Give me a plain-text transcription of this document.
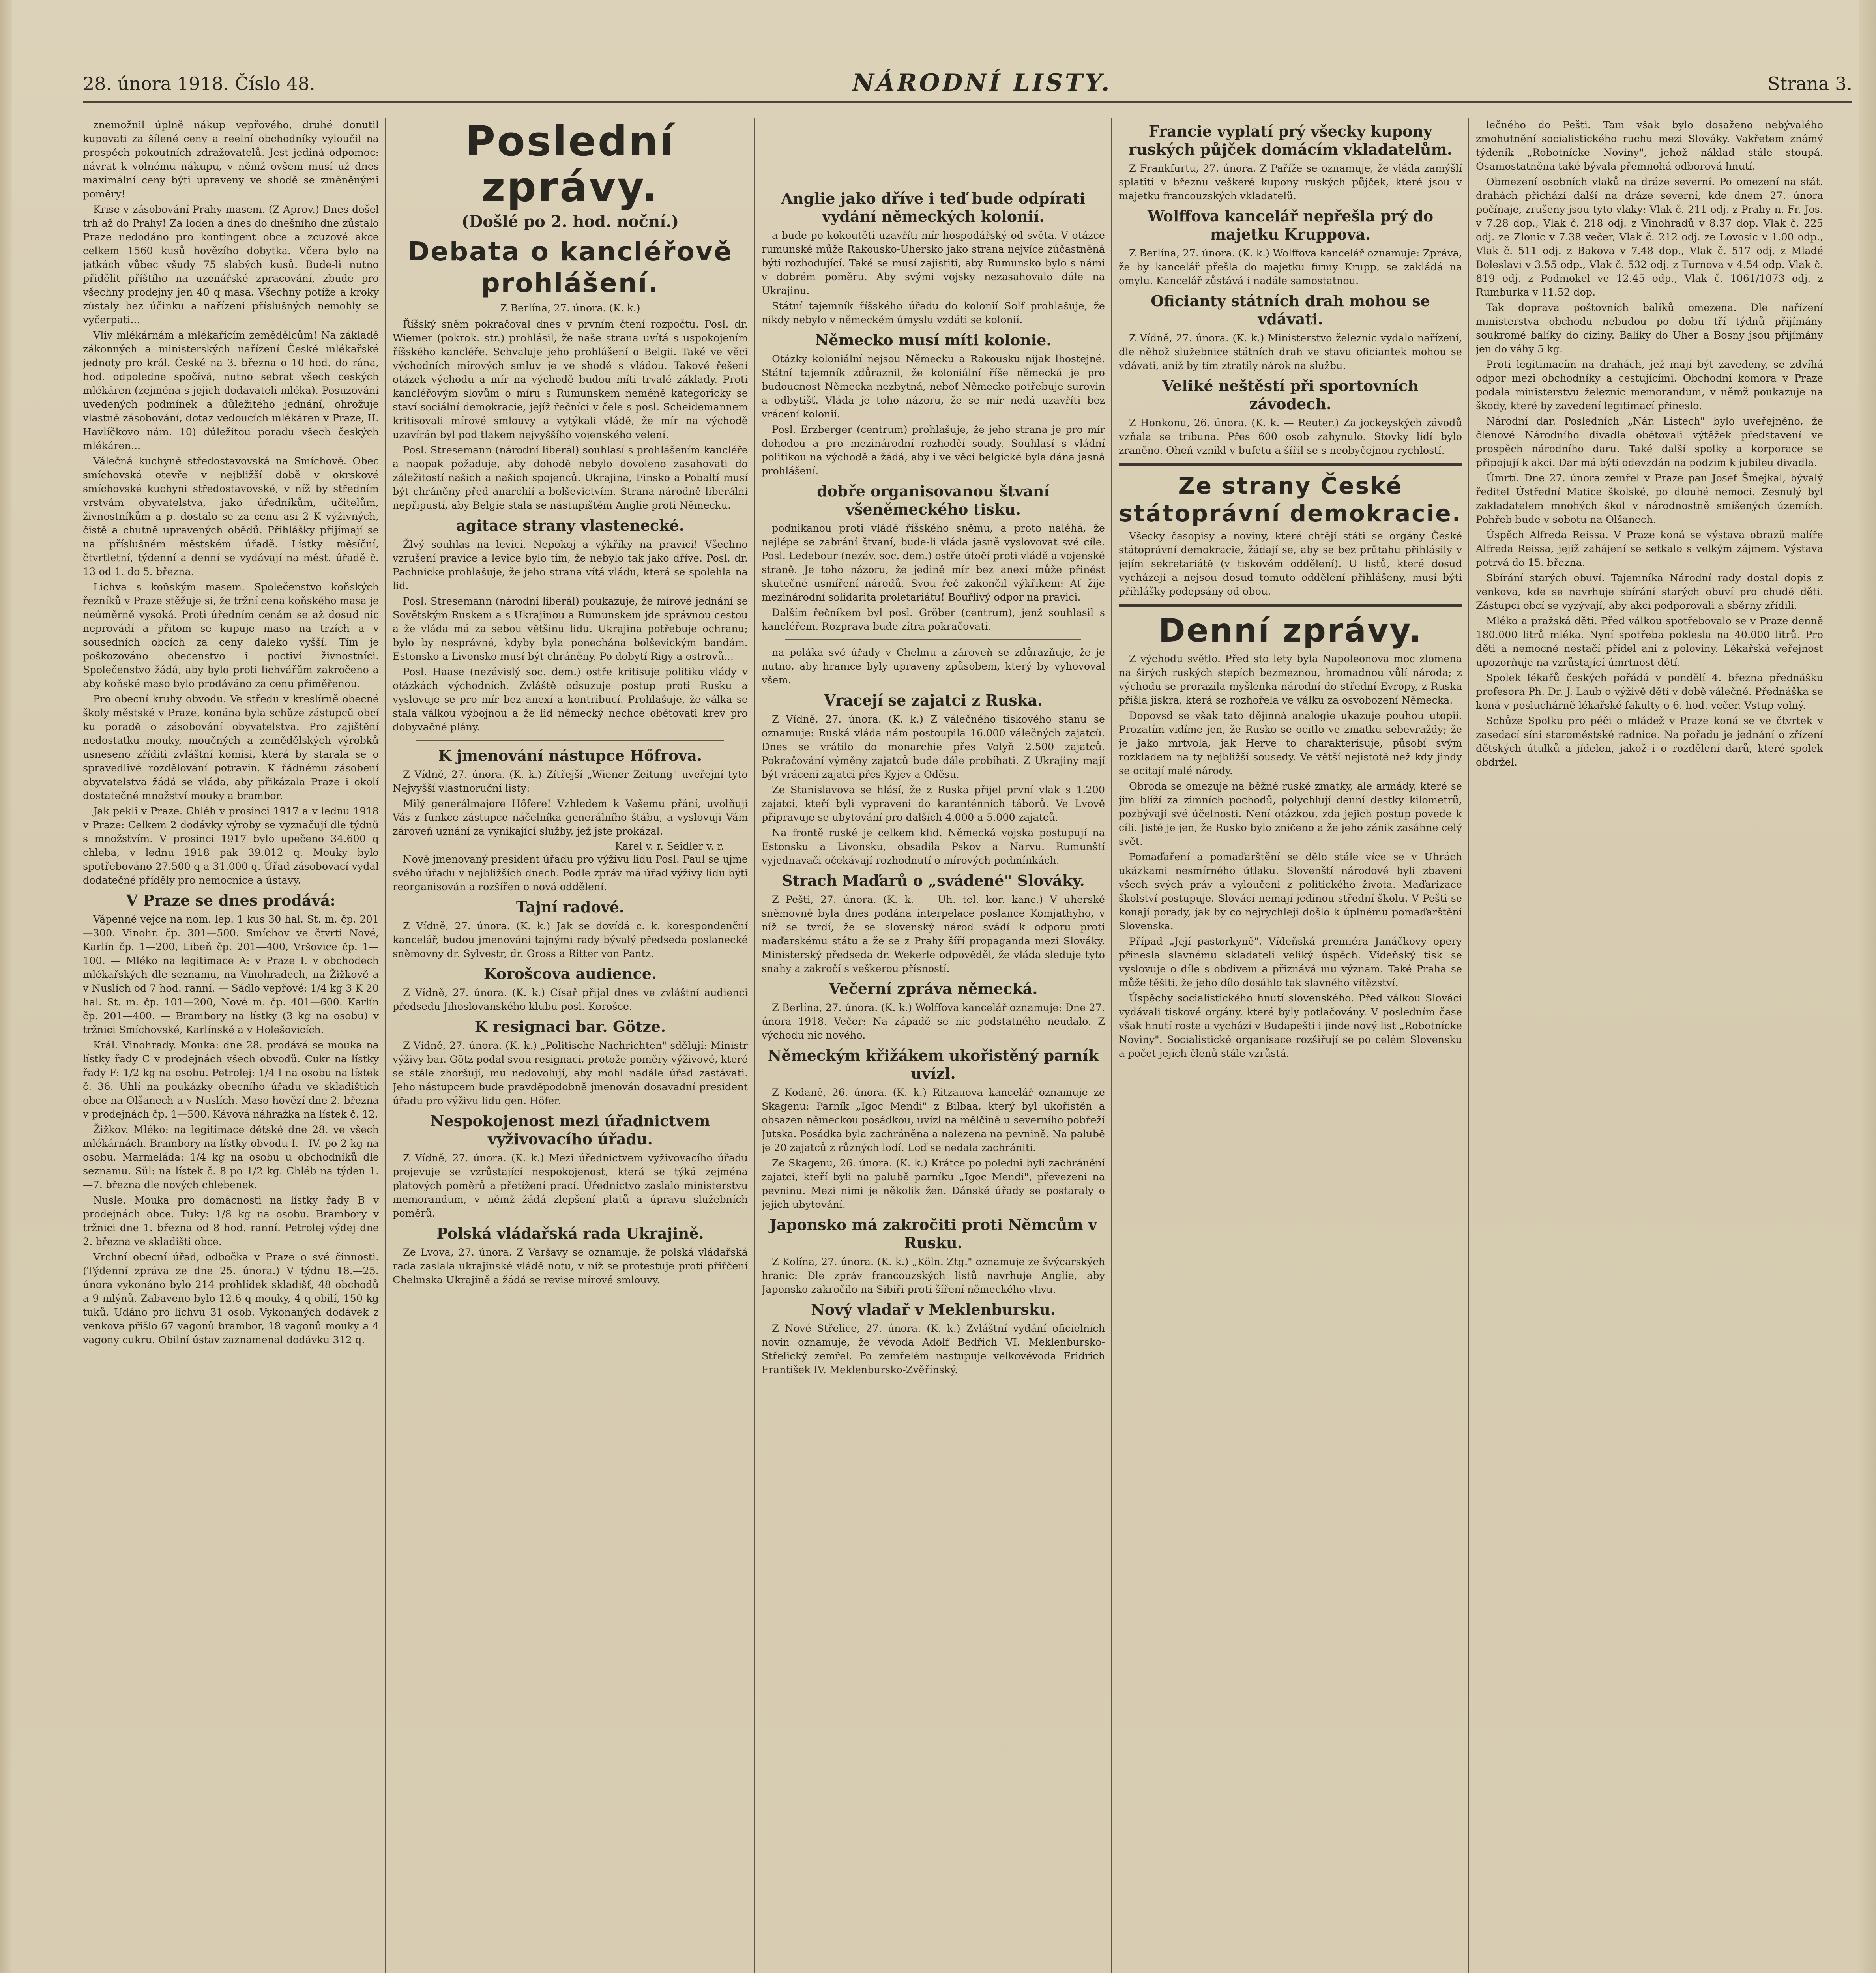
28. února 1918. Číslo 48.	NÁRODNÍ LISTY.	Strana 3.

znemožnil úplně nákup vepřového, druhé donutil kupovati za šílené ceny a reelní obchodníky vyloučil na prospěch pokoutních zdražovatelů. Jest jediná odpomoc: návrat k volnému nákupu, v němž ovšem musí už dnes maximální ceny býti upraveny ve shodě se změněnými poměry!

Krise v zásobování Prahy masem. (Z Aprov.) Dnes došel trh až do Prahy! Za loden a dnes do dnešního dne zůstalo Praze nedodáno pro kontingent obce a zcuzové akce celkem 1560 kusů hovězího dobytka. Včera bylo na jatkách vůbec všudy 75 slabých kusů. Bude-li nutno přidělit příštího na uzenářské zpracování, zbude pro všechny prodejny jen 40 q masa. Všechny potíže a kroky zůstaly bez účinku a nařízeni příslušných nemohly se vyčerpati...

Vliv mlékárnám a mlékařícím zemědělcům! Na základě zákonných a ministerských nařízení České mlékařské jednoty pro král. České na 3. března o 10 hod. do rána, hod. odpoledne spočívá, nutno sebrat všech ceských mlékáren (zejména s jejich dodavateli mléka). Posuzování uvedených podmínek a důležitého jednání, ohrožuje vlastně zásobování, dotaz vedoucích mlékáren v Praze, II. Havlíčkovo nám. 10) důležitou poradu všech českých mlékáren...

Válečná kuchyně středostavovská na Smíchově. Obec smíchovská otevře v nejbližší době v okrskové smíchovské kuchyni středostavovské, v níž by středním vrstvám obyvatelstva, jako úředníkům, učitelům, živnostníkům a p. dostalo se za cenu asi 2 K výživných, čistě a chutně upravených obědů. Přihlášky přijímají se na příslušném městském úřadě. Lístky měsíční, čtvrtletní, týdenní a denní se vydávají na měst. úřadě č. 13 od 1. do 5. března.

Lichva s koňským masem. Společenstvo koňských řezníků v Praze stěžuje si, že tržní cena koňského masa je neúměrně vysoká. Proti úředním cenám se až dosud nic neprovádí a přitom se kupuje maso na trzích a v sousedních obcích za ceny daleko vyšší. Tím je poškozováno obecenstvo i poctiví živnostníci. Společenstvo žádá, aby bylo proti lichvářům zakročeno a aby koňské maso bylo prodáváno za cenu přiměřenou.

Pro obecní kruhy obvodu. Ve středu v kreslírně obecné školy městské v Praze, konána byla schůze zástupců obcí ku poradě o zásobování obyvatelstva. Pro zajištění nedostatku mouky, moučných a zemědělských výrobků usneseno zříditi zvláštní komisi, která by starala se o spravedlivé rozdělování potravin. K řádnému zásobení obyvatelstva žádá se vláda, aby přikázala Praze i okolí dostatečné množství mouky a brambor.

Jak pekli v Praze. Chléb v prosinci 1917 a v lednu 1918 v Praze: Celkem 2 dodávky výroby se vyznačují dle týdnů s množstvím. V prosinci 1917 bylo upečeno 34.600 q chleba, v lednu 1918 pak 39.012 q. Mouky bylo spotřebováno 27.500 q a 31.000 q. Úřad zásobovací vydal dodatečné příděly pro nemocnice a ústavy.

V Praze se dnes prodává:

Vápenné vejce na nom. lep. 1 kus 30 hal. St. m. čp. 201—300. Vinohr. čp. 301—500. Smíchov ve čtvrti Nové, Karlín čp. 1—200, Libeň čp. 201—400, Vršovice čp. 1—100. — Mléko na legitimace A: v Praze I. v obchodech mlékařských dle seznamu, na Vinohradech, na Žižkově a v Nuslích od 7 hod. ranní. — Sádlo vepřové: 1/4 kg 3 K 20 hal. St. m. čp. 101—200, Nové m. čp. 401—600. Karlín čp. 201—400. — Brambory na lístky (3 kg na osobu) v tržnici Smíchovské, Karlínské a v Holešovicích.

Král. Vinohrady. Mouka: dne 28. prodává se mouka na lístky řady C v prodejnách všech obvodů. Cukr na lístky řady F: 1/2 kg na osobu. Petrolej: 1/4 l na osobu na lístek č. 36. Uhlí na poukázky obecního úřadu ve skladištích obce na Olšanech a v Nuslích. Maso hovězí dne 2. března v prodejnách čp. 1—500. Kávová náhražka na lístek č. 12.

Žižkov. Mléko: na legitimace dětské dne 28. ve všech mlékárnách. Brambory na lístky obvodu I.—IV. po 2 kg na osobu. Marmeláda: 1/4 kg na osobu u obchodníků dle seznamu. Sůl: na lístek č. 8 po 1/2 kg. Chléb na týden 1.—7. března dle nových chlebenek.

Nusle. Mouka pro domácnosti na lístky řady B v prodejnách obce. Tuky: 1/8 kg na osobu. Brambory v tržnici dne 1. března od 8 hod. ranní. Petrolej výdej dne 2. března ve skladišti obce.

Vrchní obecní úřad, odbočka v Praze o své činnosti. (Týdenní zpráva ze dne 25. února.) V týdnu 18.—25. února vykonáno bylo 214 prohlídek skladišť, 48 obchodů a 9 mlýnů. Zabaveno bylo 12.6 q mouky, 4 q obilí, 150 kg tuků. Udáno pro lichvu 31 osob. Vykonaných dodávek z venkova přišlo 67 vagonů brambor, 18 vagonů mouky a 4 vagony cukru. Obilní ústav zaznamenal dodávku 312 q.

Poslední zprávy.
(Došlé po 2. hod. noční.)
Debata o kancléřově prohlášení.
Z Berlína, 27. února. (K. k.)

Říšský sněm pokračoval dnes v prvním čtení rozpočtu. Posl. dr. Wiemer (pokrok. str.) prohlásil, že naše strana uvítá s uspokojením říšského kancléře. Schvaluje jeho prohlášení o Belgii. Také ve věci východních mírových smluv je ve shodě s vládou. Takové řešení otázek východu a mír na východě budou míti trvalé základy. Proti kancléřovým slovům o míru s Rumunskem neméně kategoricky se staví sociální demokracie, jejíž řečníci v čele s posl. Scheidemannem kritisovali mírové smlouvy a vytýkali vládě, že mír na východě uzavírán byl pod tlakem nejvyššího vojenského velení.

Posl. Stresemann (národní liberál) souhlasí s prohlášením kancléře a naopak požaduje, aby dohodě nebylo dovoleno zasahovati do záležitostí našich a našich spojenců. Ukrajina, Finsko a Pobaltí musí být chráněny před anarchií a bolševictvím. Strana národně liberální nepřipustí, aby Belgie stala se nástupištěm Anglie proti Německu.

agitace strany vlastenecké.

Žlvý souhlas na levici. Nepokoj a výkřiky na pravici! Všechno vzrušení pravice a levice bylo tím, že nebylo tak jako dříve. Posl. dr. Pachnicke prohlašuje, že jeho strana vítá vládu, která se spolehla na lid.

Posl. Stresemann (národní liberál) poukazuje, že mírové jednání se Sovětským Ruskem a s Ukrajinou a Rumunskem jde správnou cestou a že vláda má za sebou většinu lidu. Ukrajina potřebuje ochranu; bylo by nesprávné, kdyby byla ponechána bolševickým bandám. Estonsko a Livonsko musí být chráněny. Po dobytí Rigy a ostrovů...

Posl. Haase (nezávislý soc. dem.) ostře kritisuje politiku vlády v otázkách východních. Zvláště odsuzuje postup proti Rusku a vyslovuje se pro mír bez anexí a kontribucí. Prohlašuje, že válka se stala válkou výbojnou a že lid německý nechce obětovati krev pro dobyvačné plány.

K jmenování nástupce Hőfrova.

Z Vídně, 27. února. (K. k.) Zítřejší „Wiener Zeitung" uveřejní tyto Nejvyšší vlastnoruční listy:

Milý generálmajore Hőfere! Vzhledem k Vašemu přání, uvolňuji Vás z funkce zástupce náčelníka generálního štábu, a vyslovuji Vám zároveň uznání za vynikající služby, jež jste prokázal.

Karel v. r. Seidler v. r.

Nově jmenovaný president úřadu pro výživu lidu Posl. Paul se ujme svého úřadu v nejbližších dnech. Podle zpráv má úřad výživy lidu býti reorganisován a rozšířen o nová oddělení.

Tajní radové.

Z Vídně, 27. února. (K. k.) Jak se dovídá c. k. korespondenční kancelář, budou jmenováni tajnými rady bývalý předseda poslanecké sněmovny dr. Sylvestr, dr. Gross a Ritter von Pantz.

Korošcova audience.

Z Vídně, 27. února. (K. k.) Císař přijal dnes ve zvláštní audienci předsedu Jihoslovanského klubu posl. Korošce.

K resignaci bar. Götze.

Z Vídně, 27. února. (K. k.) „Politische Nachrichten" sdělují: Ministr výživy bar. Götz podal svou resignaci, protože poměry výživové, které se stále zhoršují, mu nedovolují, aby mohl nadále úřad zastávati. Jeho nástupcem bude pravděpodobně jmenován dosavadní president úřadu pro výživu lidu gen. Höfer.

Nespokojenost mezi úřadnictvem vyživovacího úřadu.

Z Vídně, 27. února. (K. k.) Mezi úřednictvem vyživovacího úřadu projevuje se vzrůstající nespokojenost, která se týká zejména platových poměrů a přetížení prací. Úřednictvo zaslalo ministerstvu memorandum, v němž žádá zlepšení platů a úpravu služebních poměrů.

Polská vládařská rada Ukrajině.

Ze Lvova, 27. února. Z Varšavy se oznamuje, že polská vládařská rada zaslala ukrajinské vládě notu, v níž se protestuje proti přiřčení Chelmska Ukrajině a žádá se revise mírové smlouvy.

Anglie jako dříve i teď bude odpírati vydání německých kolonií.

a bude po kokoutěti uzavříti mír hospodářský od světa. V otázce rumunské může Rakousko-Uhersko jako strana nejvíce zúčastněná býti rozhodující. Také se musí zajistiti, aby Rumunsko bylo s námi v dobrém poměru. Aby svými vojsky nezasahovalo dále na Ukrajinu.

Státní tajemník říšského úřadu do kolonií Solf prohlašuje, že nikdy nebylo v německém úmyslu vzdáti se kolonií.

Německo musí míti kolonie.

Otázky koloniální nejsou Německu a Rakousku nijak lhostejné. Státní tajemník zdůraznil, že koloniální říše německá je pro budoucnost Německa nezbytná, neboť Německo potřebuje surovin a odbytišť. Vláda je toho názoru, že se mír nedá uzavříti bez vrácení kolonií.

Posl. Erzberger (centrum) prohlašuje, že jeho strana je pro mír dohodou a pro mezinárodní rozhodčí soudy. Souhlasí s vládní politikou na východě a žádá, aby i ve věci belgické byla dána jasná prohlášení.

dobře organisovanou štvaní všeněmeckého tisku.

podnikanou proti vládě říšského sněmu, a proto naléhá, že nejlépe se zabrání štvaní, bude-li vláda jasně vyslovovat své cíle. Posl. Ledebour (nezáv. soc. dem.) ostře útočí proti vládě a vojenské straně. Je toho názoru, že jedině mír bez anexí může přinést skutečné usmíření národů. Svou řeč zakončil výkřikem: Ať žije mezinárodní solidarita proletariátu! Bouřlivý odpor na pravici.

Dalším řečníkem byl posl. Gröber (centrum), jenž souhlasil s kancléřem. Rozprava bude zítra pokračovati.

na poláka své úřady v Chelmu a zároveň se zdůrazňuje, že je nutno, aby hranice byly upraveny způsobem, který by vyhovoval všem.

Vracejí se zajatci z Ruska.

Z Vídně, 27. února. (K. k.) Z válečného tiskového stanu se oznamuje: Ruská vláda nám postoupila 16.000 válečných zajatců. Dnes se vrátilo do monarchie přes Volyň 2.500 zajatců. Pokračování výměny zajatců bude dále probíhati. Z Ukrajiny mají být vráceni zajatci přes Kyjev a Oděsu.

Ze Stanislavova se hlásí, že z Ruska přijel první vlak s 1.200 zajatci, kteří byli vypraveni do karanténních táborů. Ve Lvově připravuje se ubytování pro dalších 4.000 a 5.000 zajatců.

Na frontě ruské je celkem klid. Německá vojska postupují na Estonsku a Livonsku, obsadila Pskov a Narvu. Rumunští vyjednavači očekávají rozhodnutí o mírových podmínkách.

Strach Maďarů o „svádené" Slováky.

Z Pešti, 27. února. (K. k. — Uh. tel. kor. kanc.) V uherské sněmovně byla dnes podána interpelace poslance Komjathyho, v níž se tvrdí, že se slovenský národ svádí k odporu proti maďarskému státu a že se z Prahy šíří propaganda mezi Slováky. Ministerský předseda dr. Wekerle odpověděl, že vláda sleduje tyto snahy a zakročí s veškerou přísností.

Večerní zpráva německá.

Z Berlína, 27. února. (K. k.) Wolffova kancelář oznamuje: Dne 27. února 1918. Večer: Na západě se nic podstatného neudalo. Z východu nic nového.

Německým křižákem ukořistěný parník uvízl.

Z Kodaně, 26. února. (K. k.) Ritzauova kancelář oznamuje ze Skagenu: Parník „Igoc Mendi" z Bilbaa, který byl ukořistěn a obsazen německou posádkou, uvízl na mělčině u severního pobřeží Jutska. Posádka byla zachráněna a nalezena na pevnině. Na palubě je 20 zajatců z různých lodí. Loď se nedala zachrániti.

Ze Skagenu, 26. února. (K. k.) Krátce po poledni byli zachránění zajatci, kteří byli na palubě parníku „Igoc Mendi", převezeni na pevninu. Mezi nimi je několik žen. Dánské úřady se postaraly o jejich ubytování.

Japonsko má zakročiti proti Němcům v Rusku.

Z Kolína, 27. února. (K. k.) „Köln. Ztg." oznamuje ze švýcarských hranic: Dle zpráv francouzských listů navrhuje Anglie, aby Japonsko zakročilo na Sibiři proti šíření německého vlivu.

Nový vladař v Meklenbursku.

Z Nové Střelice, 27. února. (K. k.) Zvláštní vydání oficielních novin oznamuje, že vévoda Adolf Bedřich VI. Meklenbursko-Střelický zemřel. Po zemřelém nastupuje velkovévoda Fridrich František IV. Meklenbursko-Zvěřínský.

Francie vyplatí prý všecky kupony ruských půjček domácím vkladatelům.

Z Frankfurtu, 27. února. Z Paříže se oznamuje, že vláda zamýšlí splatiti v březnu veškeré kupony ruských půjček, které jsou v majetku francouzských vkladatelů.

Wolffova kancelář nepřešla prý do majetku Kruppova.

Z Berlína, 27. února. (K. k.) Wolffova kancelář oznamuje: Zpráva, že by kancelář přešla do majetku firmy Krupp, se zakládá na omylu. Kancelář zůstává i nadále samostatnou.

Oficianty státních drah mohou se vdávati.

Z Vídně, 27. února. (K. k.) Ministerstvo železnic vydalo nařízení, dle něhož služebnice státních drah ve stavu oficiantek mohou se vdávati, aniž by tím ztratily nárok na službu.

Veliké neštěstí při sportovních závodech.

Z Honkonu, 26. února. (K. k. — Reuter.) Za jockeyských závodů vzňala se tribuna. Přes 600 osob zahynulo. Stovky lidí bylo zraněno. Oheň vznikl v bufetu a šířil se s neobyčejnou rychlostí.

Ze strany České státoprávní demokracie.

Všecky časopisy a noviny, které chtějí státi se orgány České státoprávní demokracie, žádají se, aby se bez průtahu přihlásily v jejím sekretariátě (v tiskovém oddělení). U listů, které dosud vycházejí a nejsou dosud tomuto oddělení přihlášeny, musí býti přihlášky podepsány od obou.

Denní zprávy.

Z východu světlo. Před sto lety byla Napoleonova moc zlomena na širých ruských stepích bezmeznou, hromadnou vůlí národa; z východu se prorazila myšlenka národní do střední Evropy, z Ruska přišla jiskra, která se rozhořela ve válku za osvobození Německa.

Dopovsd se však tato dějinná analogie ukazuje pouhou utopií. Prozatím vidíme jen, že Rusko se ocitlo ve zmatku sebevraždy; že je jako mrtvola, jak Herve to charakterisuje, působí svým rozkladem na ty nejbližší sousedy. Ve větší nejistotě než kdy jindy se ocitají malé národy.

Obroda se omezuje na běžné ruské zmatky, ale armády, které se jim blíží za zimních pochodů, polychlují denní destky kilometrů, pozbývají své účelnosti. Není otázkou, zda jejich postup povede k cíli. Jisté je jen, že Rusko bylo zničeno a že jeho zánik zasáhne celý svět.

Pomaďaření a pomaďarštění se dělo stále více se v Uhrách ukázkami nesmírného útlaku. Slovenští národové byli zbaveni všech svých práv a vyloučeni z politického života. Maďarizace školství postupuje. Slováci nemají jedinou střední školu. V Pešti se konají porady, jak by co nejrychleji došlo k úplnému pomaďarštění Slovenska.

Případ „Její pastorkyně". Vídeňská premiéra Janáčkovy opery přinesla slavnému skladateli veliký úspěch. Vídeňský tisk se vyslovuje o díle s obdivem a přiznává mu význam. Také Praha se může těšiti, že jeho dílo dosáhlo tak slavného vítězství.

Úspěchy socialistického hnutí slovenského. Před válkou Slováci vydávali tiskové orgány, které byly potlačovány. V posledním čase však hnutí roste a vychází v Budapešti i jinde nový list „Robotnícke Noviny". Socialistické organisace rozšiřují se po celém Slovensku a počet jejich členů stále vzrůstá.

lečného do Pešti. Tam však bylo dosaženo nebývalého zmohutnění socialistického ruchu mezi Slováky. Vakřetem známý týdeník „Robotnícke Noviny", jehož náklad stále stoupá. Osamostatněna také bývala přemnohá odborová hnutí.

Obmezení osobních vlaků na dráze severní. Po omezení na stát. drahách přichází další na dráze severní, kde dnem 27. února počínaje, zrušeny jsou tyto vlaky: Vlak č. 211 odj. z Prahy n. Fr. Jos. v 7.28 dop., Vlak č. 218 odj. z Vinohradů v 8.37 dop. Vlak č. 225 odj. ze Zlonic v 7.38 večer, Vlak č. 212 odj. ze Lovosic v 1.00 odp., Vlak č. 511 odj. z Bakova v 7.48 dop., Vlak č. 517 odj. z Mladé Boleslavi v 3.55 odp., Vlak č. 532 odj. z Turnova v 4.54 odp. Vlak č. 819 odj. z Podmokel ve 12.45 odp., Vlak č. 1061/1073 odj. z Rumburka v 11.52 dop.

Tak doprava poštovních balíků omezena. Dle nařízení ministerstva obchodu nebudou po dobu tří týdnů přijímány soukromé balíky do ciziny. Balíky do Uher a Bosny jsou přijímány jen do váhy 5 kg.

Proti legitimacím na drahách, jež mají být zavedeny, se zdvíhá odpor mezi obchodníky a cestujícími. Obchodní komora v Praze podala ministerstvu železnic memorandum, v němž poukazuje na škody, které by zavedení legitimací přineslo.

Národní dar. Posledních „Nár. Listech" bylo uveřejněno, že členové Národního divadla obětovali výtěžek představení ve prospěch národního daru. Také další spolky a korporace se připojují k akci. Dar má býti odevzdán na podzim k jubileu divadla.

Úmrtí. Dne 27. února zemřel v Praze pan Josef Šmejkal, bývalý ředitel Ústřední Matice školské, po dlouhé nemoci. Zesnulý byl zakladatelem mnohých škol v národnostně smíšených územích. Pohřeb bude v sobotu na Olšanech.

Úspěch Alfreda Reissa. V Praze koná se výstava obrazů malíře Alfreda Reissa, jejíž zahájení se setkalo s velkým zájmem. Výstava potrvá do 15. března.

Sbírání starých obuví. Tajemníka Národní rady dostal dopis z venkova, kde se navrhuje sbírání starých obuví pro chudé děti. Zástupci obcí se vyzývají, aby akci podporovali a sběrny zřídili.

Mléko a pražská děti. Před válkou spotřebovalo se v Praze denně 180.000 litrů mléka. Nyní spotřeba poklesla na 40.000 litrů. Pro děti a nemocné nestačí přídel ani z poloviny. Lékařská veřejnost upozorňuje na vzrůstající úmrtnost dětí.

Spolek lékařů českých pořádá v pondělí 4. března přednášku profesora Ph. Dr. J. Laub o výživě dětí v době válečné. Přednáška se koná v posluchárně lékařské fakulty o 6. hod. večer. Vstup volný.

Schůze Spolku pro péči o mládež v Praze koná se ve čtvrtek v zasedací síni staroměstské radnice. Na pořadu je jednání o zřízení dětských útulků a jídelen, jakož i o rozdělení darů, které spolek obdržel.
